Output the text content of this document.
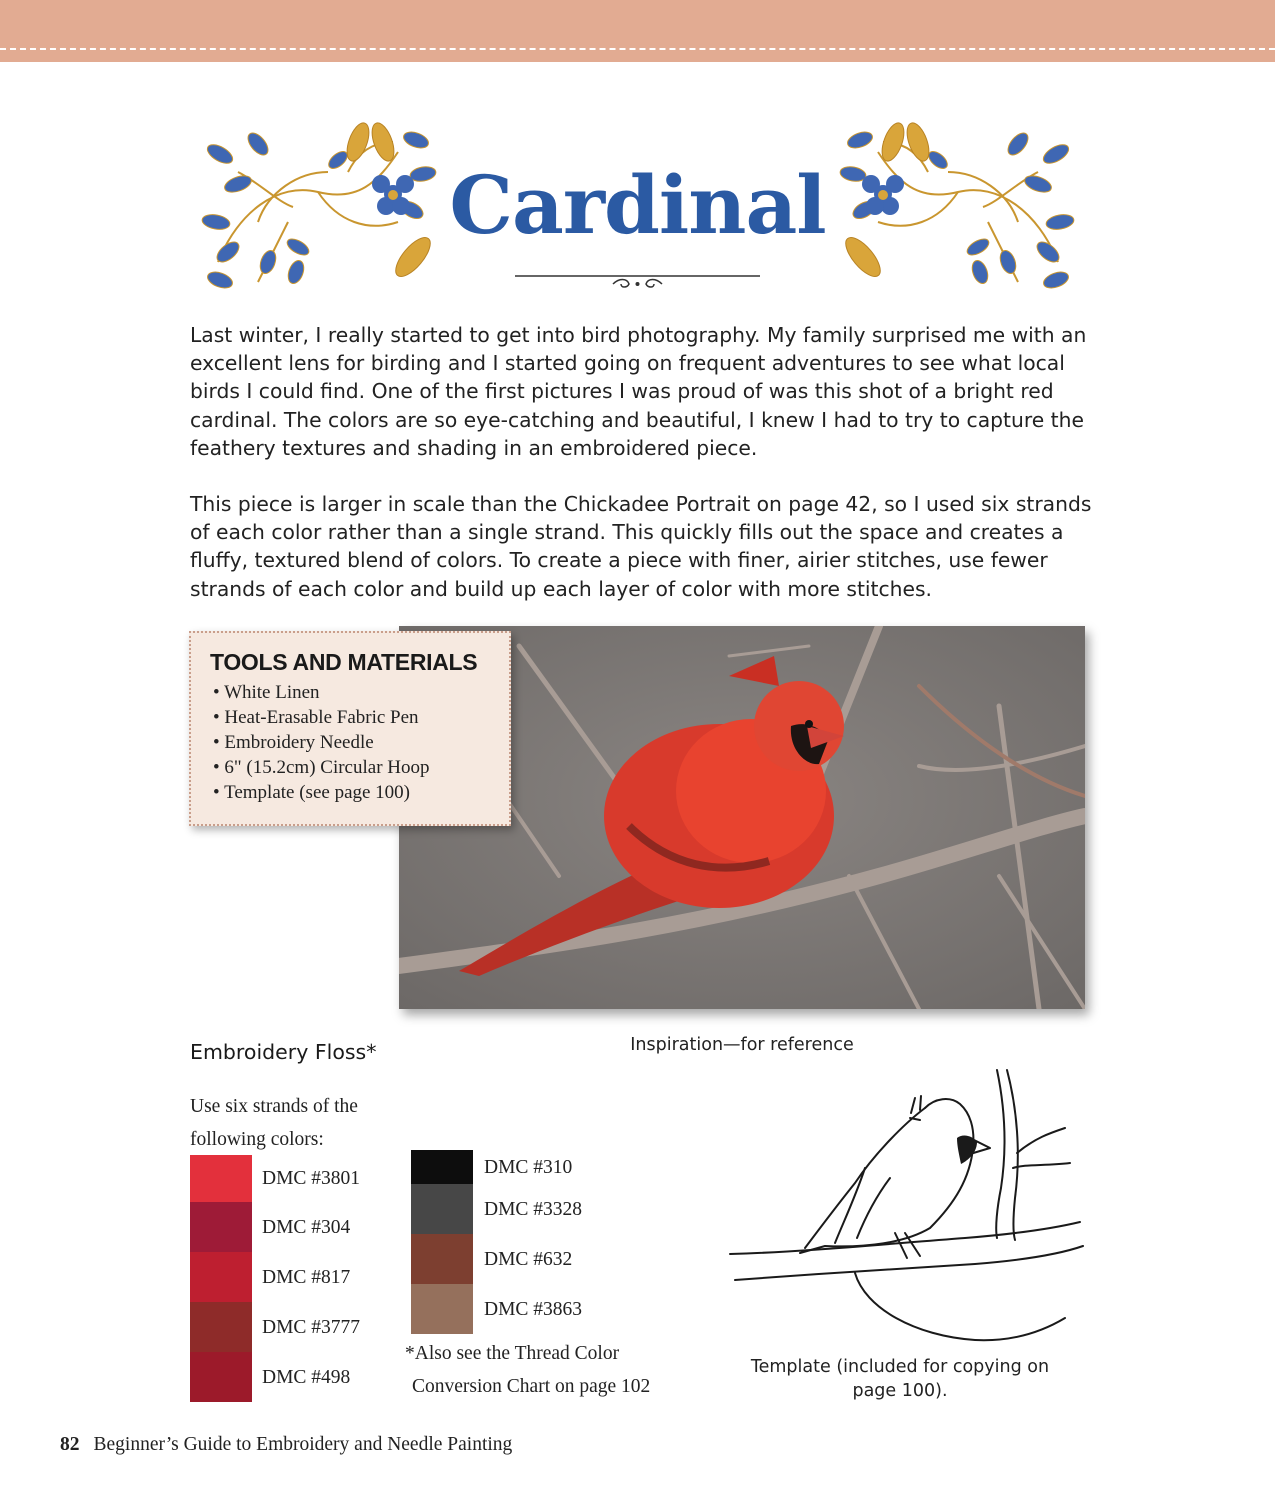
Cardinal

Last winter, I really started to get into bird photography. My family surprised me with an excellent lens for birding and I started going on frequent adventures to see what local birds I could find. One of the first pictures I was proud of was this shot of a bright red cardinal. The colors are so eye-catching and beautiful, I knew I had to try to capture the feathery textures and shading in an embroidered piece.

This piece is larger in scale than the Chickadee Portrait on page 42, so I used six strands of each color rather than a single strand. This quickly fills out the space and creates a fluffy, textured blend of colors. To create a piece with finer, airier stitches, use fewer strands of each color and build up each layer of color with more stitches.

TOOLS AND MATERIALS
• White Linen
• Heat-Erasable Fabric Pen
• Embroidery Needle
• 6" (15.2cm) Circular Hoop
• Template (see page 100)
Inspiration—for reference
Embroidery Floss*

Use six strands of the following colors:

DMC #3801
DMC #304
DMC #817
DMC #3777
DMC #498
DMC #310
DMC #3328
DMC #632
DMC #3863

*Also see the Thread Color
Conversion Chart on page 102

Template (included for copying on page 100).
82 Beginner’s Guide to Embroidery and Needle Painting
